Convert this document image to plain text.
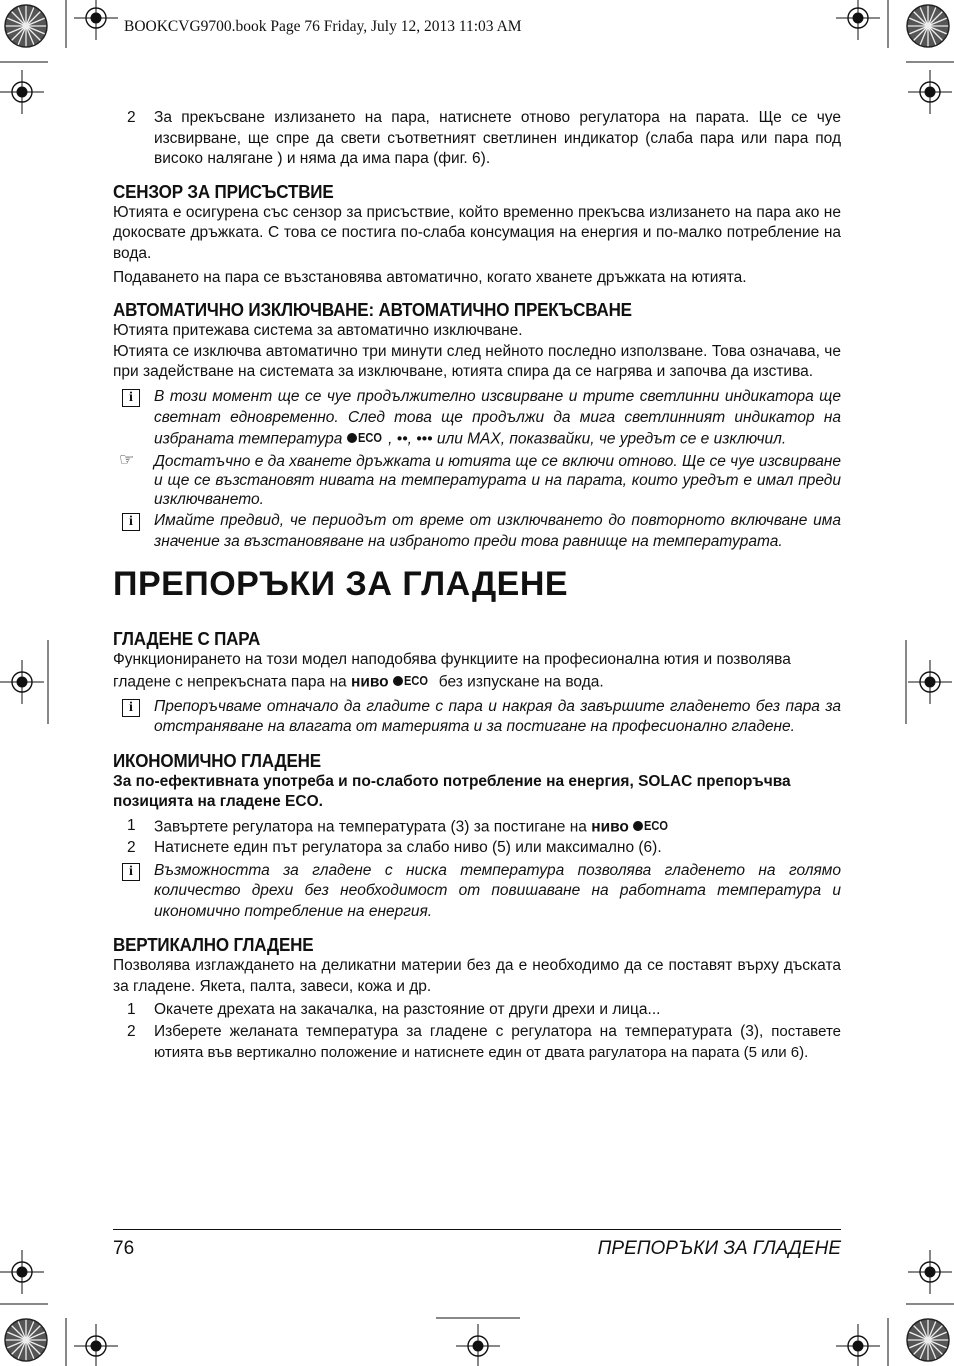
BOOKCVG9700.book Page 76 Friday, July 12, 2013 11:03 AM
2	За прекъсване излизането на пара, натиснете отново регулатора на парата. Ще се чуе изсвирване, ще спре да свети съответният светлинен индикатор (слаба пара или пара под високо налягане ) и няма да има пара (фиг. 6).
СЕНЗОР ЗА ПРИСЪСТВИЕ

Ютията е осигурена със сензор за присъствие, който временно прекъсва излизането на пара ако не докосвате дръжката. С това се постига по-слаба консумация на енергия и по-малко потребление на вода.

Подаването на пара се възстановява автоматично, когато хванете дръжката на ютията.

АВТОМАТИЧНО ИЗКЛЮЧВАНЕ: АВТОМАТИЧНО ПРЕКЪСВАНЕ

Ютията притежава система за автоматично изключване.

Ютията се изключва автоматично три минути след нейното последно използване. Това означава, че при задействане на системата за изключване, ютията спира да се нагрява и започва да изстива.

i	В този момент ще се чуе продължително изсвирване и трите светлинни индикатора ще светнат едновременно. След това ще продължи да мига светлинният индикатор на избраната температура ECO , ••, ••• или MAX, показвайки, че уредът се е изключил.
☞ Достатъчно е да хванете дръжката и ютията ще се включи отново. Ще се чуе изсвирване и ще се възстановят нивата на температурата и на парата, които уредът е имал преди изключването.
i	Имайте предвид, че периодът от време от изключването до повторното включване има значение за възстановяване на избраното преди това равнище на температурата.
ПРЕПОРЪКИ ЗА ГЛАДЕНЕ
ГЛАДЕНЕ С ПАРА

Функционирането на този модел наподобява функциите на професионална ютия и позволява гладене с непрекъсната пара на ниво ECO без изпускане на вода.

i	Препоръчваме отначало да гладите с пара и накрая да завършите гладенето без пара за отстраняване на влагата от материята и за постигане на професионално гладене.
ИКОНОМИЧНО ГЛАДЕНЕ

За по-ефективната употреба и по-слабото потребление на енергия, SOLAC препоръчва позицията на гладене ECO.

1	Завъртете регулатора на температурата (3) за постигане на ниво ECO
2	Натиснете един път регулатора за слабо ниво (5) или максимално (6).
i	Възможността за гладене с ниска температура позволява гладенето на голямо количество дрехи без необходимост от повишаване на работната температура и икономично потребление на енергия.
ВЕРТИКАЛНО ГЛАДЕНЕ

Позволява изглаждането на деликатни материи без да е необходимо да се поставят върху дъската за гладене. Якета, палта, завеси, кожа и др.

1	Окачете дрехата на закачалка, на разстояние от други дрехи и лица...
2	Изберете желаната температура за гладене с регулатора на температурата (3), поставете ютията във вертикално положение и натиснете един от двата рагулатора на парата (5 или 6).
76	ПРЕПОРЪКИ ЗА ГЛАДЕНЕ
